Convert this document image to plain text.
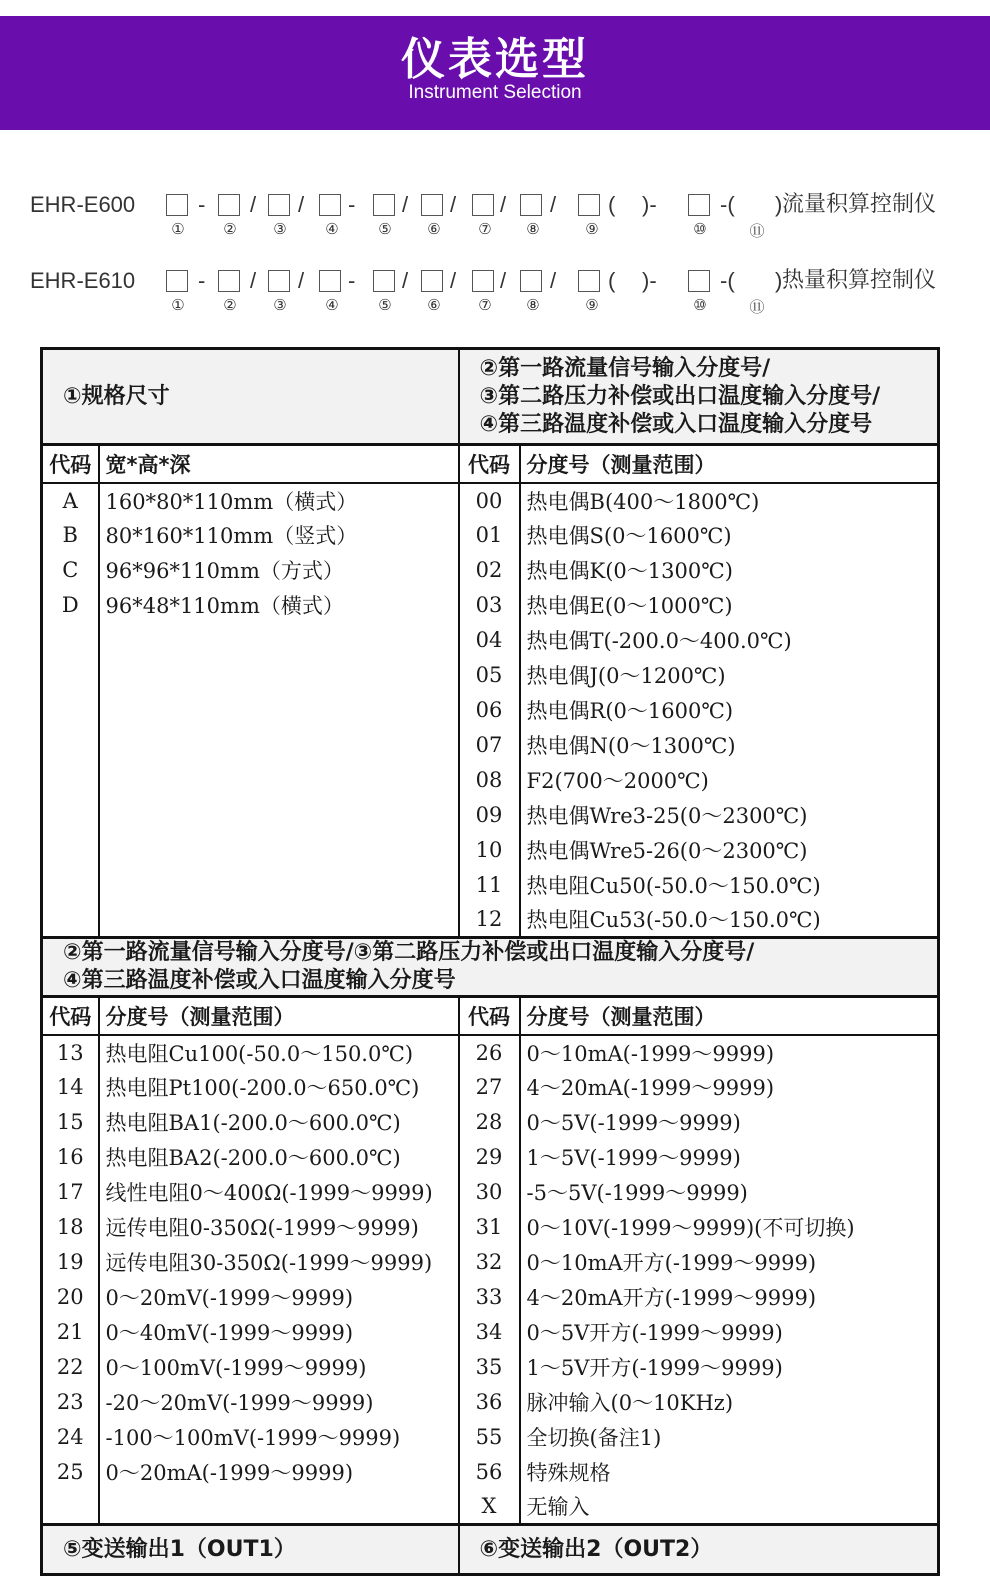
仪表选型
Instrument Selection
EHR-E600	- / / - / / / / ( )-	-( )
①	②	③	④	⑤	⑥	⑦	⑧	⑨	⑩	⑪
流量积算控制仪
EHR-E610	- / / - / / / / ( )-	-( )
①	②	③	④	⑤	⑥	⑦	⑧	⑨	⑩	⑪
热量积算控制仪
①规格尺寸		②第一路流量信号输入分度号/
③第二路压力补偿或出口温度输入分度号/
④第三路温度补偿或入口温度输入分度号	

代码	宽*高*深	代码	分度号（测量范围）
A	160*80*110mm（横式）	00	热电偶B(400～1800℃)
B	80*160*110mm（竖式）	01	热电偶S(0～1600℃)
C	96*96*110mm（方式）	02	热电偶K(0～1300℃)
D	96*48*110mm（横式）	03	热电偶E(0～1000℃)
		04	热电偶T(-200.0～400.0℃)
		05	热电偶J(0～1200℃)
		06	热电偶R(0～1600℃)
		07	热电偶N(0～1300℃)
		08	F2(700～2000℃)
		09	热电偶Wre3-25(0～2300℃)
		10	热电偶Wre5-26(0～2300℃)
		11	热电阻Cu50(-50.0～150.0℃)
		12	热电阻Cu53(-50.0～150.0℃)

②第一路流量信号输入分度号/③第二路压力补偿或出口温度输入分度号/
④第三路温度补偿或入口温度输入分度号			

代码	分度号（测量范围）	代码	分度号（测量范围）
13	热电阻Cu100(-50.0～150.0℃)	26	0～10mA(-1999～9999)
14	热电阻Pt100(-200.0～650.0℃)	27	4～20mA(-1999～9999)
15	热电阻BA1(-200.0～600.0℃)	28	0～5V(-1999～9999)
16	热电阻BA2(-200.0～600.0℃)	29	1～5V(-1999～9999)
17	线性电阻0～400Ω(-1999～9999)	30	-5～5V(-1999～9999)
18	远传电阻0-350Ω(-1999～9999)	31	0～10V(-1999～9999)(不可切换)
19	远传电阻30-350Ω(-1999～9999)	32	0～10mA开方(-1999～9999)
20	0～20mV(-1999～9999)	33	4～20mA开方(-1999～9999)
21	0～40mV(-1999～9999)	34	0～5V开方(-1999～9999)
22	0～100mV(-1999～9999)	35	1～5V开方(-1999～9999)
23	-20～20mV(-1999～9999)	36	脉冲输入(0～10KHz)
24	-100～100mV(-1999～9999)	55	全切换(备注1)
25	0～20mA(-1999～9999)	56	特殊规格
		X	无输入
⑤变送输出1（OUT1）		⑥变送输出2（OUT2）	
